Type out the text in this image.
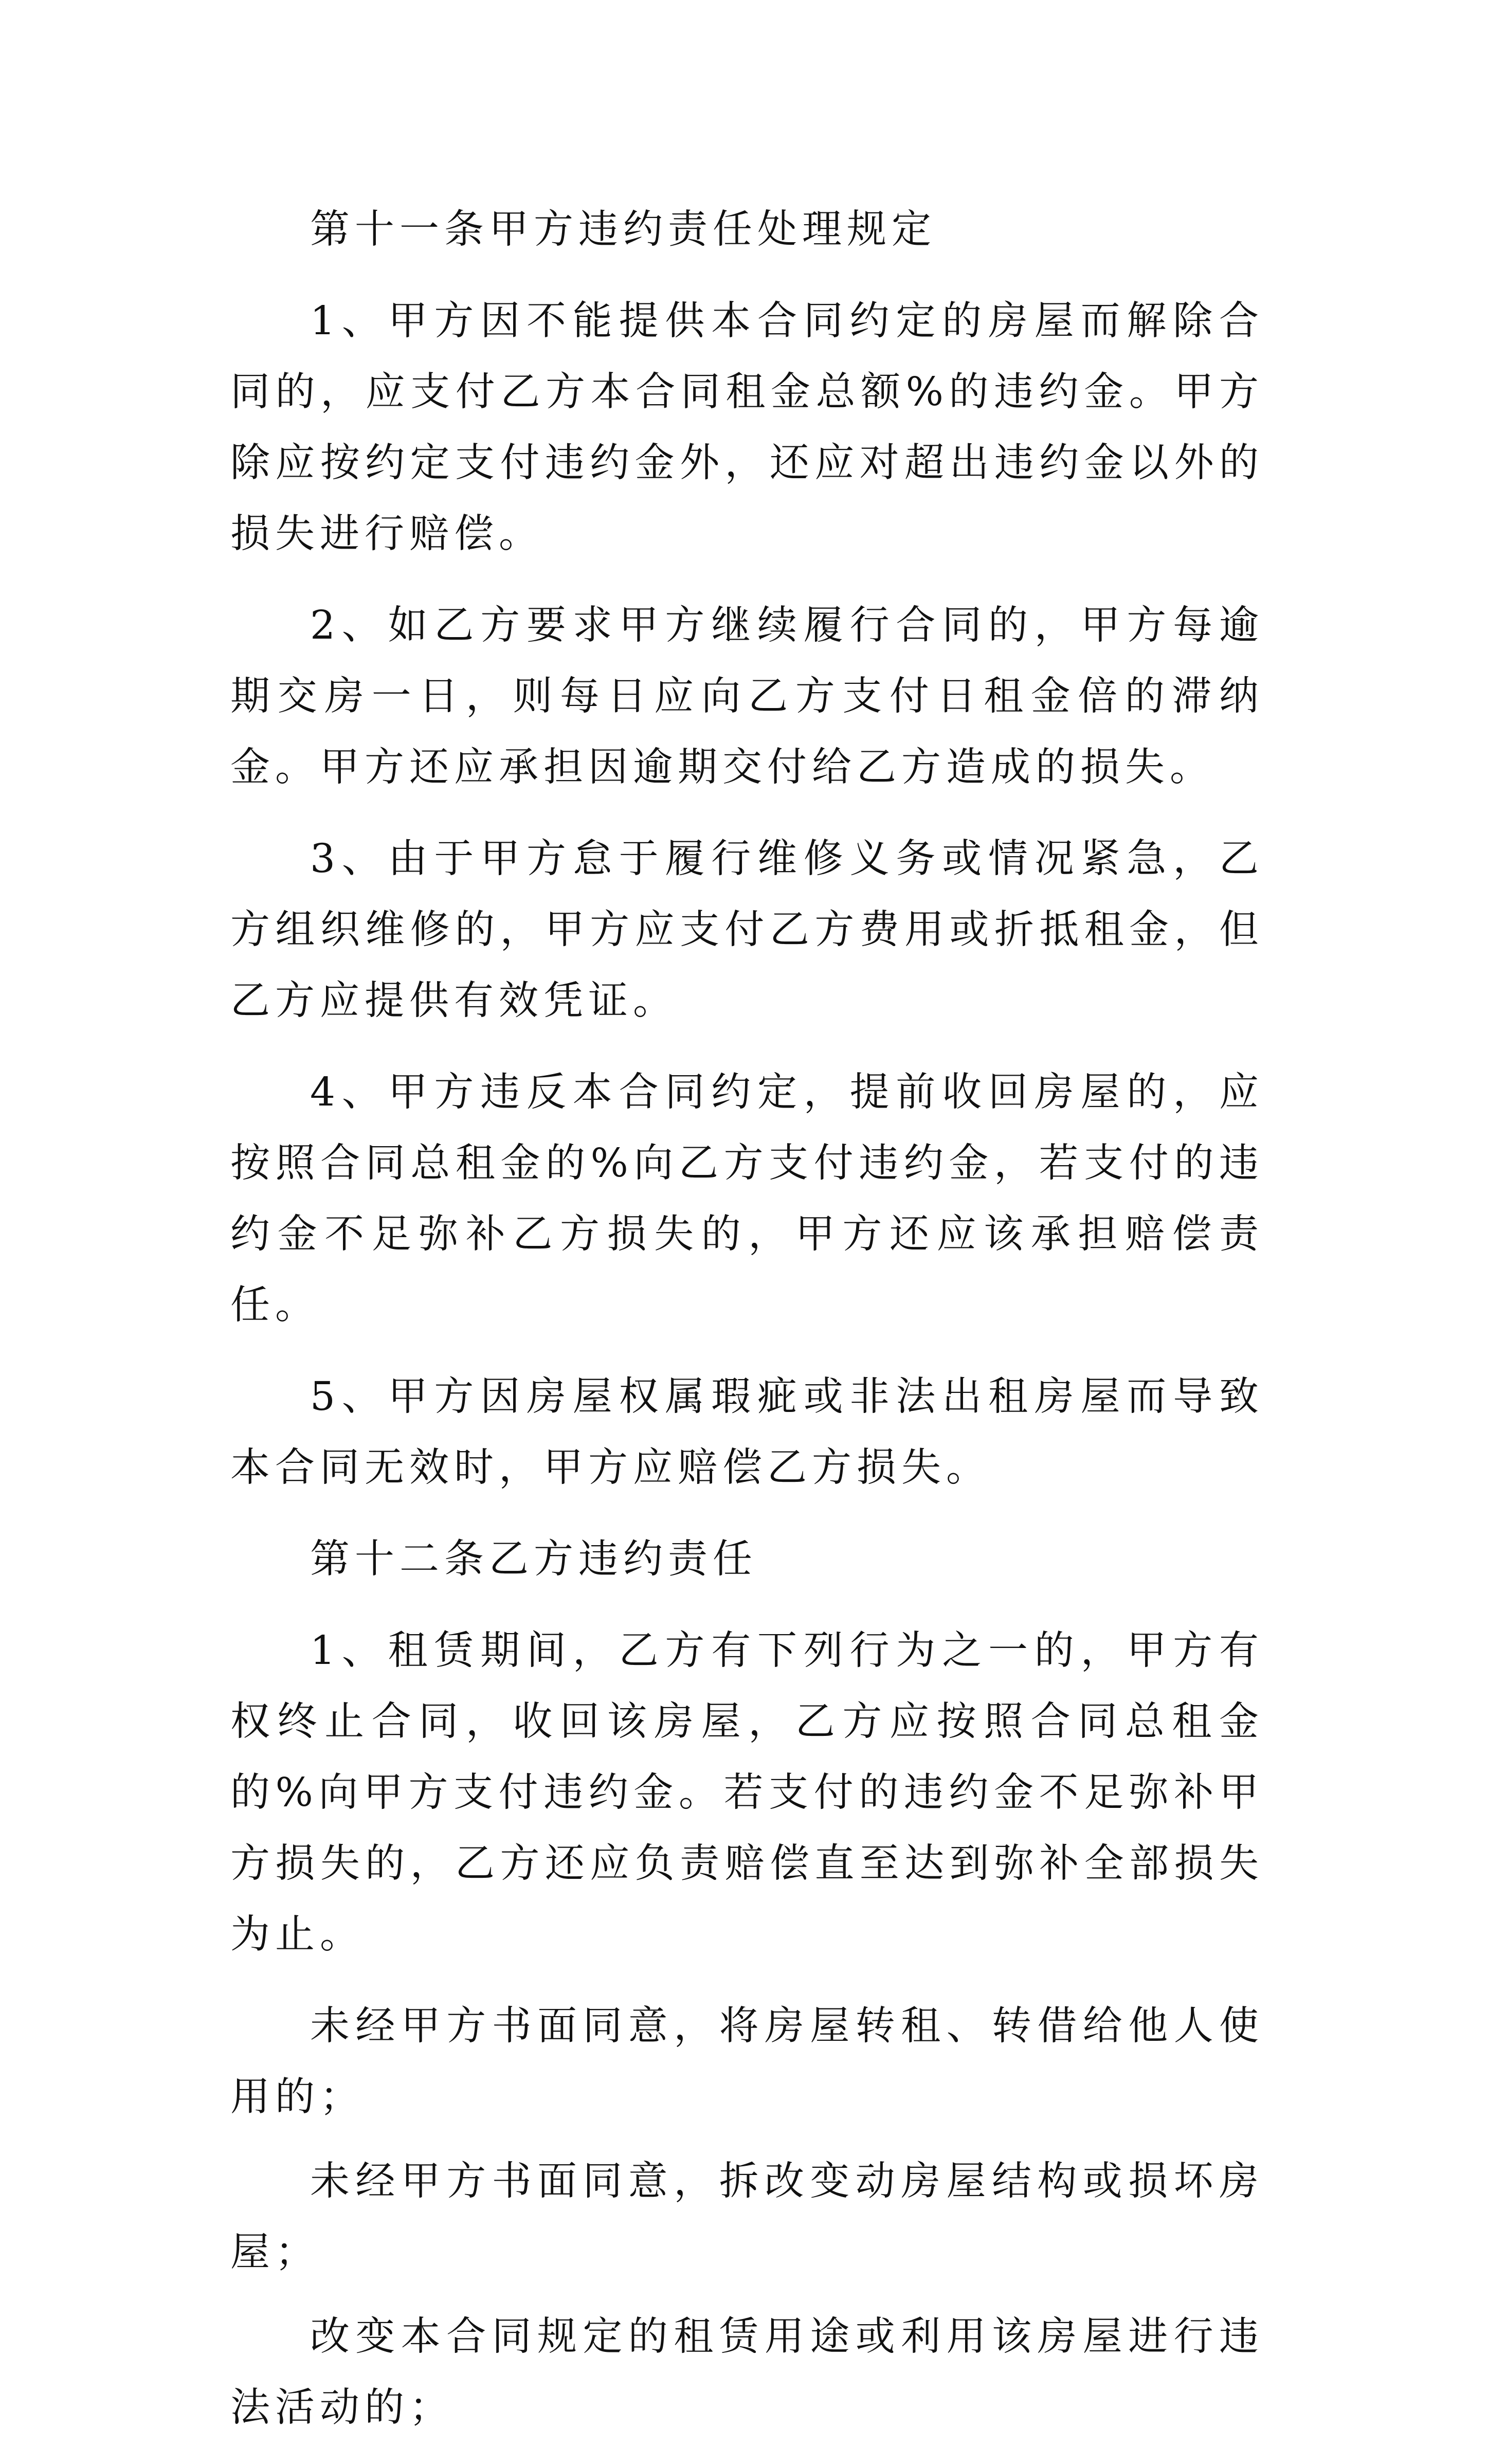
第十一条甲方违约责任处理规定

1、甲方因不能提供本合同约定的房屋而解除合同的，应支付乙方本合同租金总额%的违约金。甲方除应按约定支付违约金外，还应对超出违约金以外的损失进行赔偿。

2、如乙方要求甲方继续履行合同的，甲方每逾期交房一日，则每日应向乙方支付日租金倍的滞纳金。甲方还应承担因逾期交付给乙方造成的损失。

3、由于甲方怠于履行维修义务或情况紧急，乙方组织维修的，甲方应支付乙方费用或折抵租金，但乙方应提供有效凭证。

4、甲方违反本合同约定，提前收回房屋的，应按照合同总租金的%向乙方支付违约金，若支付的违约金不足弥补乙方损失的，甲方还应该承担赔偿责任。

5、甲方因房屋权属瑕疵或非法出租房屋而导致本合同无效时，甲方应赔偿乙方损失。

第十二条乙方违约责任

1、租赁期间，乙方有下列行为之一的，甲方有权终止合同，收回该房屋，乙方应按照合同总租金的%向甲方支付违约金。若支付的违约金不足弥补甲方损失的，乙方还应负责赔偿直至达到弥补全部损失为止。

未经甲方书面同意，将房屋转租、转借给他人使用的；

未经甲方书面同意，拆改变动房屋结构或损坏房屋；

改变本合同规定的租赁用途或利用该房屋进行违法活动的；
